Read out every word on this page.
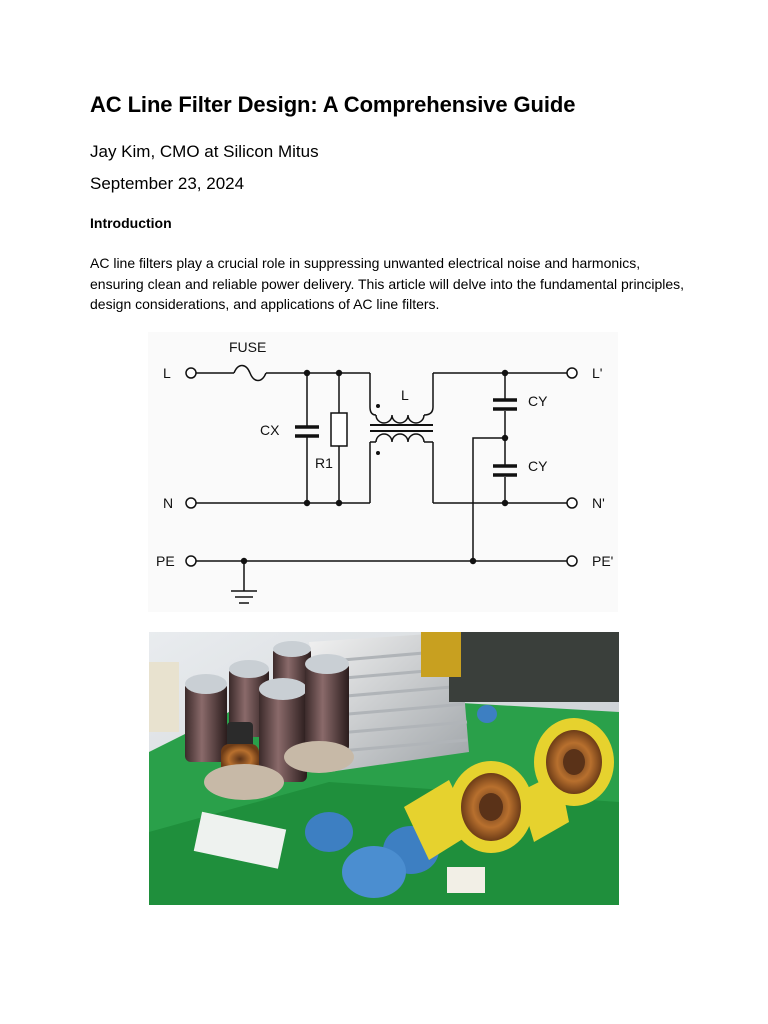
AC Line Filter Design: A Comprehensive Guide

Jay Kim, CMO at Silicon Mitus

September 23, 2024

Introduction

AC line filters play a crucial role in suppressing unwanted electrical noise and harmonics, ensuring clean and reliable power delivery. This article will delve into the fundamental principles, design considerations, and applications of AC line filters.

L
N
PE
L'
N'
PE'
FUSE
CX
R1
L	CY
CY
